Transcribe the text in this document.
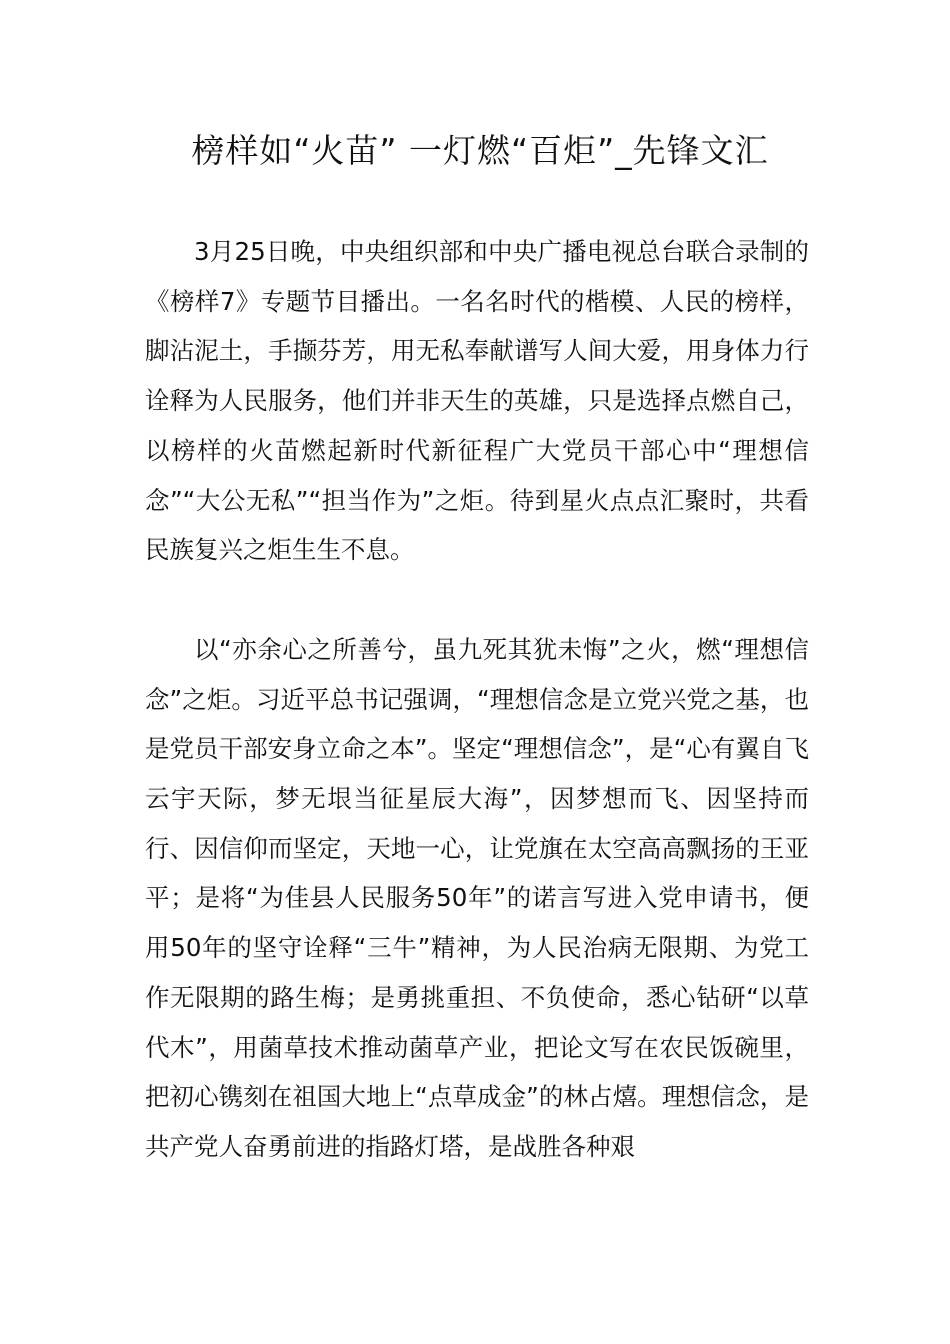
榜样如“火苗” 一灯燃“百炬”_先锋文汇

3月25日晚，中央组织部和中央广播电视总台联合录制的《榜样7》专题节目播出。一名名时代的楷模、人民的榜样，脚沾泥土，手撷芬芳，用无私奉献谱写人间大爱，用身体力行诠释为人民服务，他们并非天生的英雄，只是选择点燃自己，以榜样的火苗燃起新时代新征程广大党员干部心中“理想信念”“大公无私”“担当作为”之炬。待到星火点点汇聚时，共看民族复兴之炬生生不息。

以“亦余心之所善兮，虽九死其犹未悔”之火，燃“理想信念”之炬。习近平总书记强调，“理想信念是立党兴党之基，也是党员干部安身立命之本”。坚定“理想信念”，是“心有翼自飞云宇天际，梦无垠当征星辰大海”，因梦想而飞、因坚持而行、因信仰而坚定，天地一心，让党旗在太空高高飘扬的王亚平；是将“为佳县人民服务50年”的诺言写进入党申请书，便用50年的坚守诠释“三牛”精神，为人民治病无限期、为党工作无限期的路生梅；是勇挑重担、不负使命，悉心钻研“以草代木”，用菌草技术推动菌草产业，把论文写在农民饭碗里，把初心镌刻在祖国大地上“点草成金”的林占熺。理想信念，是共产党人奋勇前进的指路灯塔，是战胜各种艰
